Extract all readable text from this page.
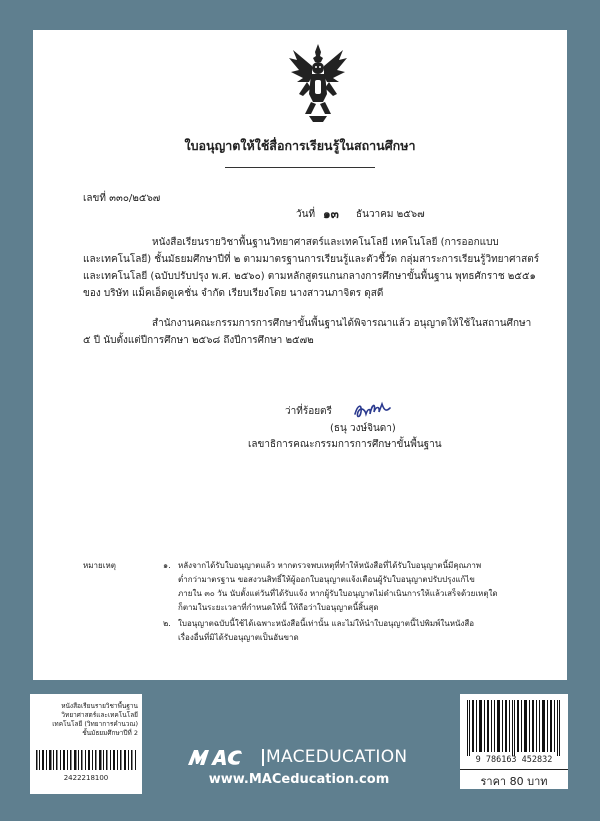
ใบอนุญาตให้ใช้สื่อการเรียนรู้ในสถานศึกษา
เลขที่ ๓๓๐/๒๕๖๗
วันที่ ๑๓ ธันวาคม ๒๕๖๗
หนังสือเรียนรายวิชาพื้นฐานวิทยาศาสตร์และเทคโนโลยี เทคโนโลยี (การออกแบบ
และเทคโนโลยี) ชั้นมัธยมศึกษาปีที่ ๒ ตามมาตรฐานการเรียนรู้และตัวชี้วัด กลุ่มสาระการเรียนรู้วิทยาศาสตร์
และเทคโนโลยี (ฉบับปรับปรุง พ.ศ. ๒๕๖๐) ตามหลักสูตรแกนกลางการศึกษาขั้นพื้นฐาน พุทธศักราช ๒๕๕๑
ของ บริษัท แม็คเอ็ดดูเคชั่น จำกัด เรียบเรียงโดย นางสาวนภาจิตร ดุสดี
สำนักงานคณะกรรมการการศึกษาขั้นพื้นฐานได้พิจารณาแล้ว อนุญาตให้ใช้ในสถานศึกษา
๕ ปี นับตั้งแต่ปีการศึกษา ๒๕๖๘ ถึงปีการศึกษา ๒๕๗๒
ว่าที่ร้อยตรี
(ธนุ วงษ์จินดา)
เลขาธิการคณะกรรมการการศึกษาขั้นพื้นฐาน
หมายเหตุ	๑. หลังจากได้รับใบอนุญาตแล้ว หากตรวจพบเหตุที่ทำให้หนังสือที่ได้รับใบอนุญาตนี้มีคุณภาพ
ต่ำกว่ามาตรฐาน ขอสงวนสิทธิ์ให้ผู้ออกใบอนุญาตแจ้งเตือนผู้รับใบอนุญาตปรับปรุงแก้ไข
ภายใน ๓๐ วัน นับตั้งแต่วันที่ได้รับแจ้ง หากผู้รับใบอนุญาตไม่ดำเนินการให้แล้วเสร็จด้วยเหตุใด
ก็ตามในระยะเวลาที่กำหนดให้นี้ ให้ถือว่าใบอนุญาตนี้สิ้นสุด
๒. ใบอนุญาตฉบับนี้ใช้ได้เฉพาะหนังสือนี้เท่านั้น และไม่ให้นำใบอนุญาตนี้ไปพิมพ์ในหนังสือ
เรื่องอื่นที่มิได้รับอนุญาตเป็นอันขาด
หนังสือเรียนรายวิชาพื้นฐาน
วิทยาศาสตร์และเทคโนโลยี
เทคโนโลยี (วิทยาการคำนวณ)
ชั้นมัธยมศึกษาปีที่ 2
2422218100
MACEDUCATION
www.MACeducation.com
9 786163 452832
ราคา 80 บาท
